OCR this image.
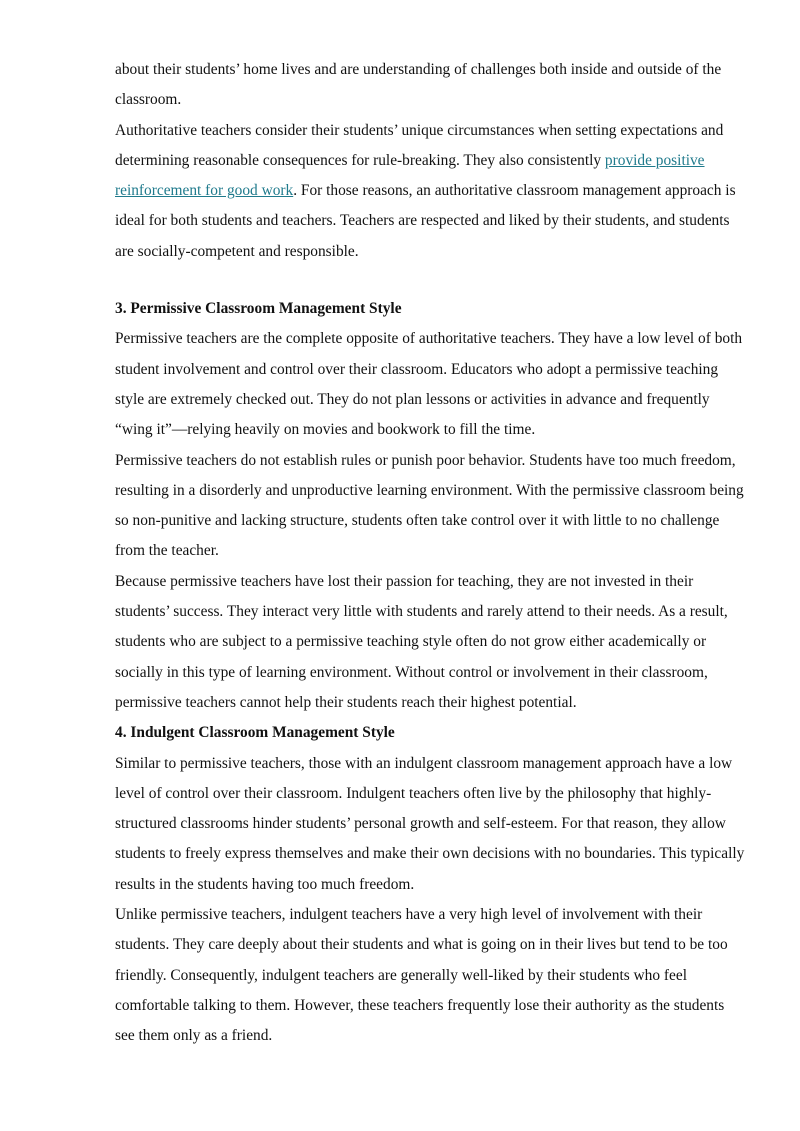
about their students’ home lives and are understanding of challenges both inside and outside of the classroom.

Authoritative teachers consider their students’ unique circumstances when setting expectations and determining reasonable consequences for rule-breaking. They also consistently provide positive reinforcement for good work. For those reasons, an authoritative classroom management approach is ideal for both students and teachers. Teachers are respected and liked by their students, and students are socially-competent and responsible.

3. Permissive Classroom Management Style

Permissive teachers are the complete opposite of authoritative teachers. They have a low level of both student involvement and control over their classroom. Educators who adopt a permissive teaching style are extremely checked out. They do not plan lessons or activities in advance and frequently “wing it”—relying heavily on movies and bookwork to fill the time.

Permissive teachers do not establish rules or punish poor behavior. Students have too much freedom, resulting in a disorderly and unproductive learning environment. With the permissive classroom being so non-punitive and lacking structure, students often take control over it with little to no challenge from the teacher.

Because permissive teachers have lost their passion for teaching, they are not invested in their students’ success. They interact very little with students and rarely attend to their needs. As a result, students who are subject to a permissive teaching style often do not grow either academically or socially in this type of learning environment. Without control or involvement in their classroom, permissive teachers cannot help their students reach their highest potential.

4. Indulgent Classroom Management Style

Similar to permissive teachers, those with an indulgent classroom management approach have a low level of control over their classroom. Indulgent teachers often live by the philosophy that highly-structured classrooms hinder students’ personal growth and self-esteem. For that reason, they allow students to freely express themselves and make their own decisions with no boundaries. This typically results in the students having too much freedom.

Unlike permissive teachers, indulgent teachers have a very high level of involvement with their students. They care deeply about their students and what is going on in their lives but tend to be too friendly. Consequently, indulgent teachers are generally well-liked by their students who feel comfortable talking to them. However, these teachers frequently lose their authority as the students see them only as a friend.
